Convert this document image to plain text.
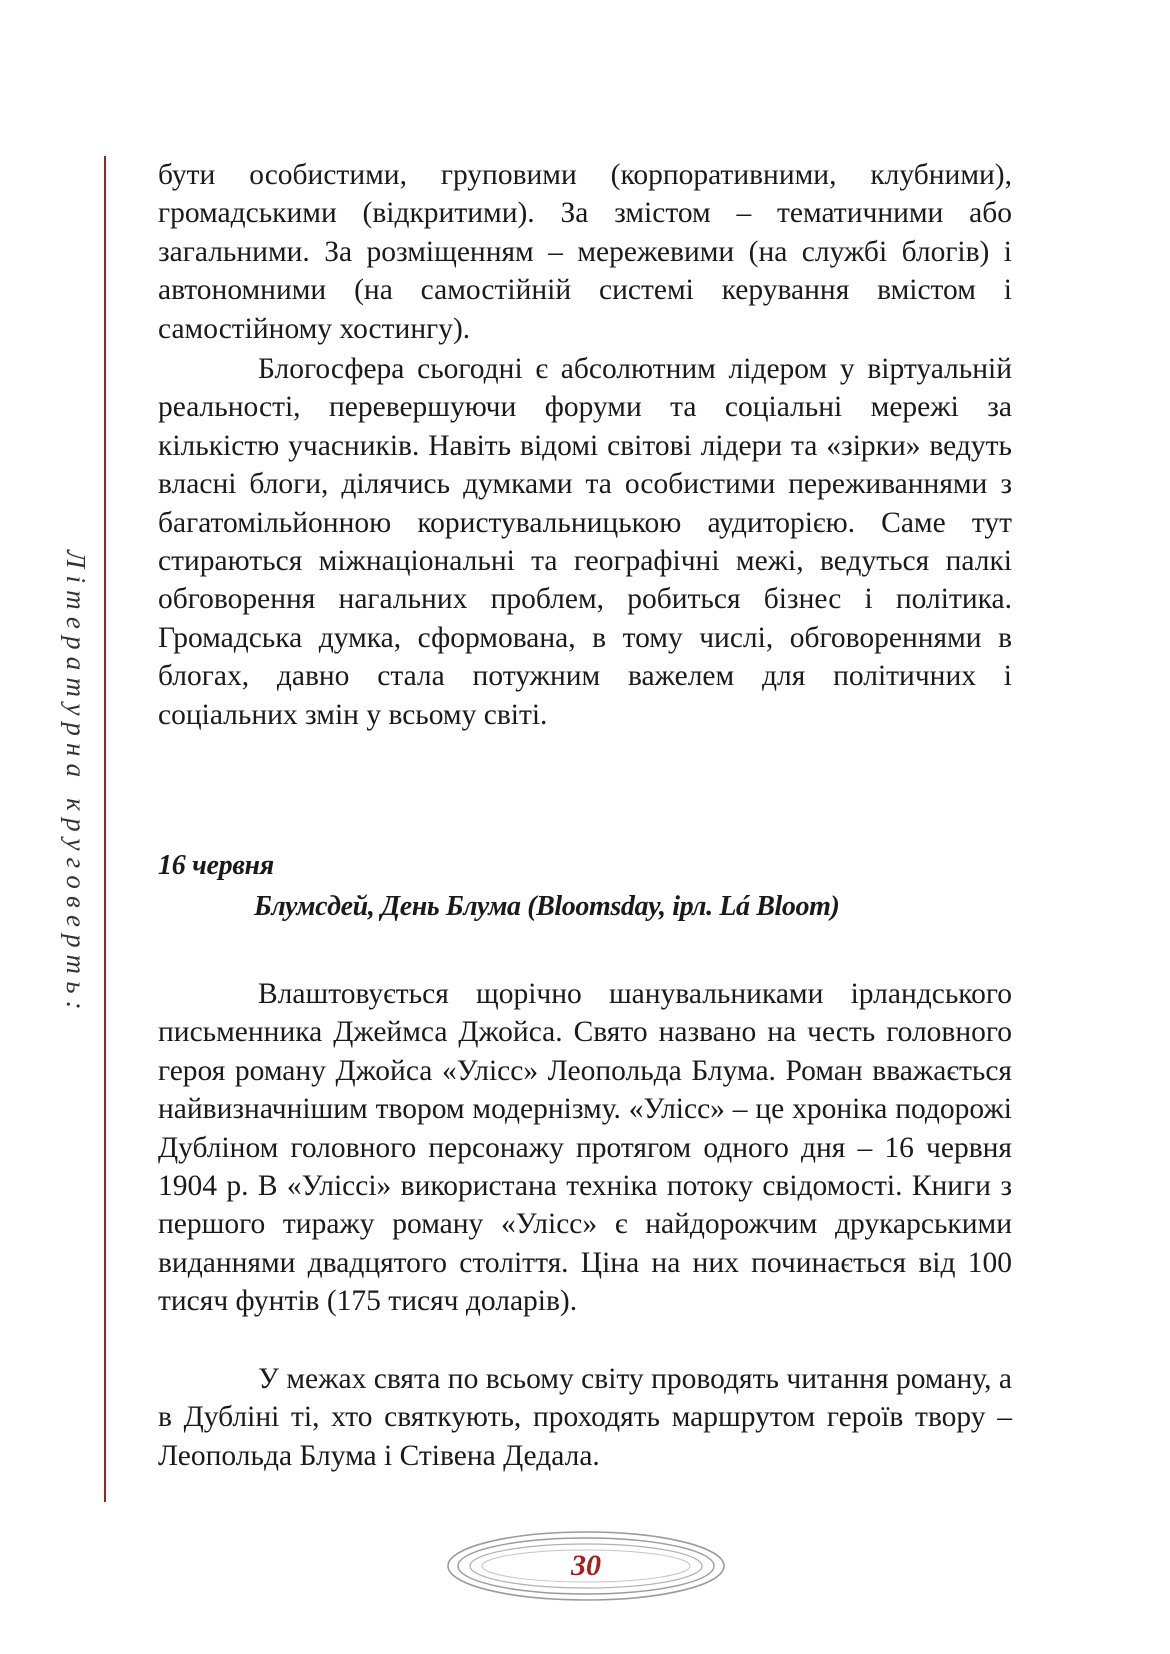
Літературна круговерть:

бути особистими, груповими (корпоративними, клубними), громадськими (відкритими). За змістом – тематичними або загальними. За розміщенням – мережевими (на службі блогів) і автономними (на самостійній системі керування вмістом і самостійному хостингу).

Блогосфера сьогодні є абсолютним лідером у віртуальній реальності, перевершуючи форуми та соціальні мережі за кількістю учасників. Навіть відомі світові лідери та «зірки» ведуть власні блоги, ділячись думками та особистими переживаннями з багатомільйонною користувальницькою аудиторією. Саме тут стираються міжнаціональні та географічні межі, ведуться палкі обговорення нагальних проблем, робиться бізнес і політика. Громадська думка, сформована, в тому числі, обговореннями в блогах, давно стала потужним важелем для політичних і соціальних змін у всьому світі.

16 червня

Блумсдей, День Блума (Bloomsday, ірл. Lá Bloom)

Влаштовується щорічно шанувальниками ірландського письменника Джеймса Джойса. Свято названо на честь головного героя роману Джойса «Улісс» Леопольда Блума. Роман вважається найвизначнішим твором модернізму. «Улісс» – це хроніка подорожі Дубліном головного персонажу протягом одного дня – 16 червня 1904 р. В «Уліссі» використана техніка потоку свідомості. Книги з першого тиражу роману «Улісс» є найдорожчим друкарськими виданнями двадцятого століття. Ціна на них починається від 100 тисяч фунтів (175 тисяч доларів).

У межах свята по всьому світу проводять читання роману, а в Дубліні ті, хто святкують, проходять маршрутом героїв твору – Леопольда Блума і Стівена Дедала.

30
